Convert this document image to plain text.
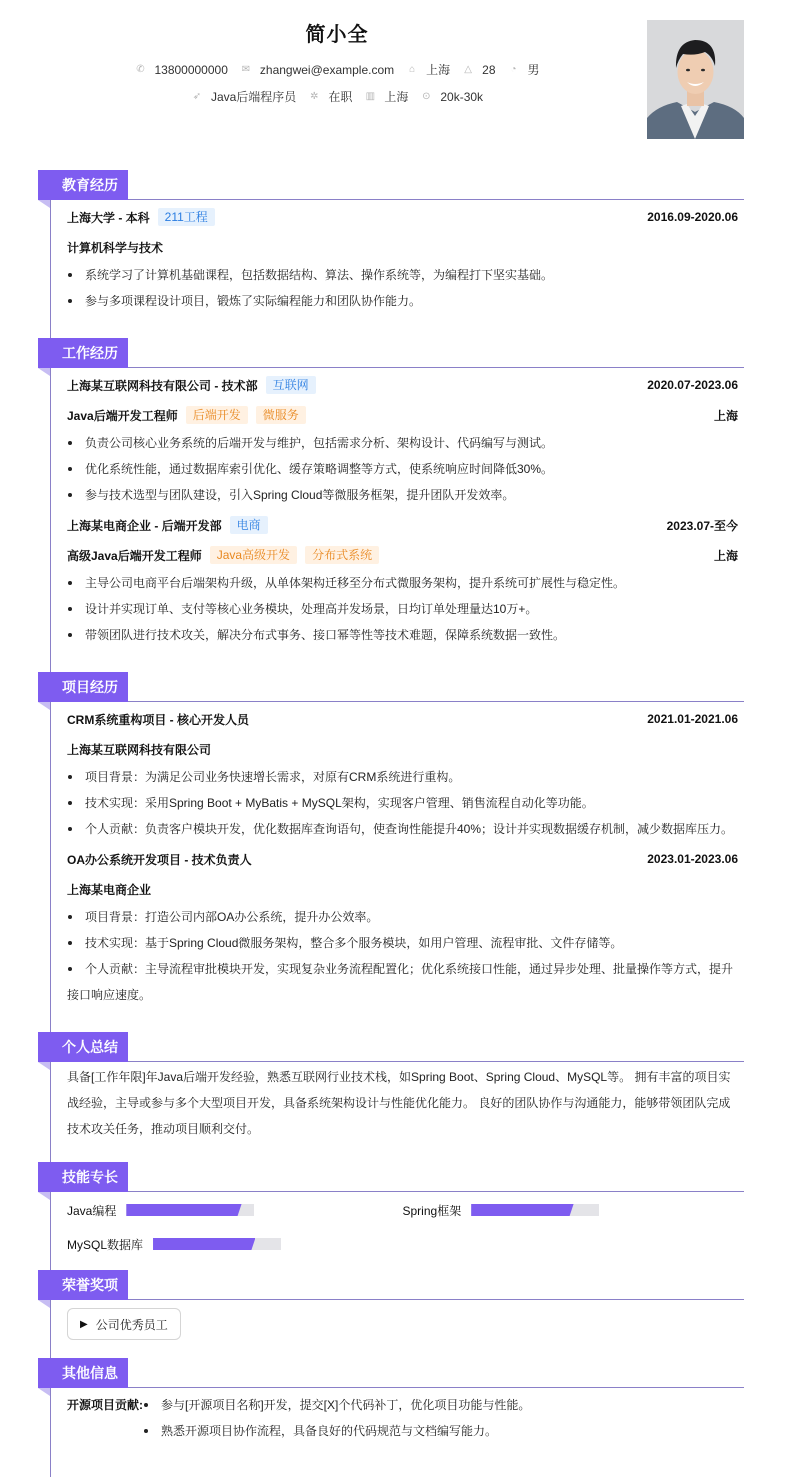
简小全
✆ 13800000000 ✉ zhangwei@example.com ⌂ 上海 △ 28 ◔ 男
➶ Java后端程序员 ✲ 在职 ▥ 上海 ⊙ 20k-30k
教育经历
上海大学 - 本科	211工程	2016.09-2020.06
计算机科学与技术
系统学习了计算机基础课程，包括数据结构、算法、操作系统等，为编程打下坚实基础。
参与多项课程设计项目，锻炼了实际编程能力和团队协作能力。
工作经历
上海某互联网科技有限公司 - 技术部	互联网	2020.07-2023.06
Java后端开发工程师	后端开发	微服务	上海
负责公司核心业务系统的后端开发与维护，包括需求分析、架构设计、代码编写与测试。
优化系统性能，通过数据库索引优化、缓存策略调整等方式，使系统响应时间降低30%。
参与技术选型与团队建设，引入Spring Cloud等微服务框架，提升团队开发效率。
上海某电商企业 - 后端开发部	电商	2023.07-至今
高级Java后端开发工程师	Java高级开发	分布式系统	上海
主导公司电商平台后端架构升级，从单体架构迁移至分布式微服务架构，提升系统可扩展性与稳定性。
设计并实现订单、支付等核心业务模块，处理高并发场景，日均订单处理量达10万+。
带领团队进行技术攻关，解决分布式事务、接口幂等性等技术难题，保障系统数据一致性。
项目经历
CRM系统重构项目 - 核心开发人员	2021.01-2021.06
上海某互联网科技有限公司
项目背景：为满足公司业务快速增长需求，对原有CRM系统进行重构。
技术实现：采用Spring Boot + MyBatis + MySQL架构，实现客户管理、销售流程自动化等功能。
个人贡献：负责客户模块开发，优化数据库查询语句，使查询性能提升40%；设计并实现数据缓存机制，减少数据库压力。
OA办公系统开发项目 - 技术负责人	2023.01-2023.06
上海某电商企业
项目背景：打造公司内部OA办公系统，提升办公效率。
技术实现：基于Spring Cloud微服务架构，整合多个服务模块，如用户管理、流程审批、文件存储等。
个人贡献：主导流程审批模块开发，实现复杂业务流程配置化；优化系统接口性能，通过异步处理、批量操作等方式，提升接口响应速度。
个人总结

具备[工作年限]年Java后端开发经验，熟悉互联网行业技术栈，如Spring Boot、Spring Cloud、MySQL等。 拥有丰富的项目实战经验，主导或参与多个大型项目开发，具备系统架构设计与性能优化能力。 良好的团队协作与沟通能力，能够带领团队完成技术攻关任务，推动项目顺利交付。

技能专长
Java编程	Spring框架
MySQL数据库
荣誉奖项
▶ 公司优秀员工
其他信息
开源项目贡献:	参与[开源项目名称]开发，提交[X]个代码补丁，优化项目功能与性能。
熟悉开源项目协作流程，具备良好的代码规范与文档编写能力。
